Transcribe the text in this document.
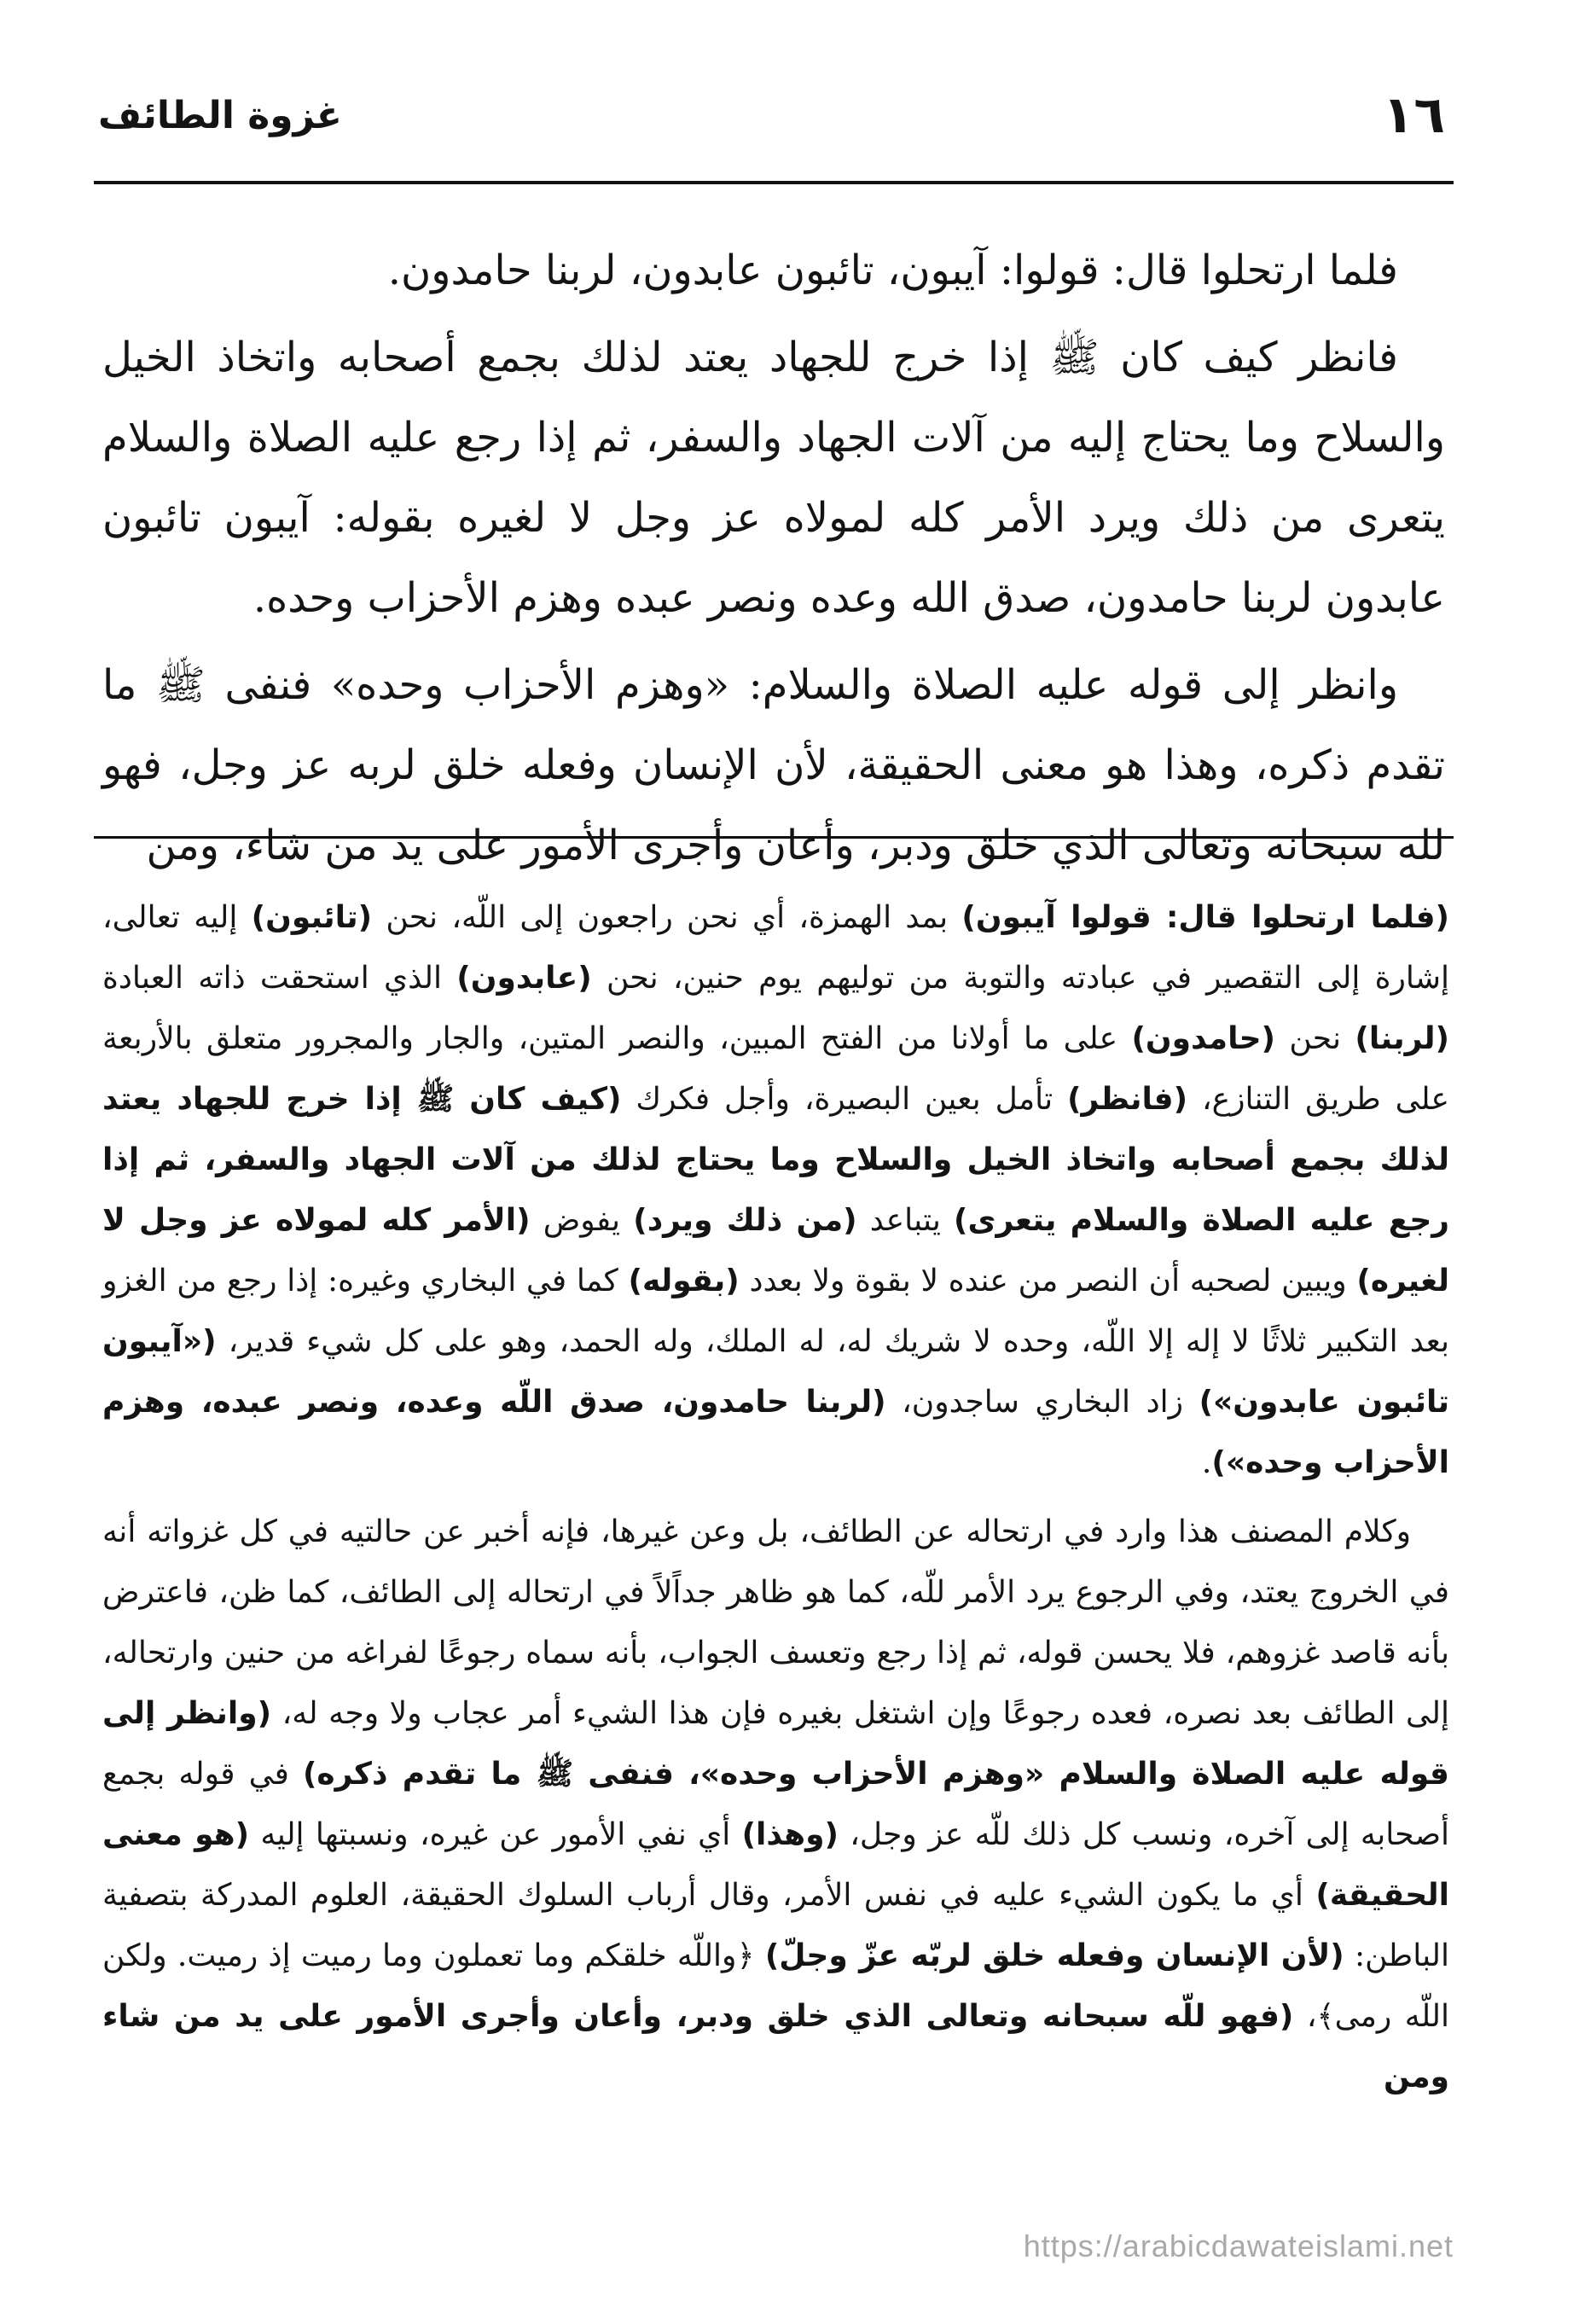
١٦
غزوة الطائف

فلما ارتحلوا قال: قولوا: آيبون، تائبون عابدون، لربنا حامدون.

فانظر كيف كان ﷺ إذا خرج للجهاد يعتد لذلك بجمع أصحابه واتخاذ الخيل والسلاح وما يحتاج إليه من آلات الجهاد والسفر، ثم إذا رجع عليه الصلاة والسلام يتعرى من ذلك ويرد الأمر كله لمولاه عز وجل لا لغيره بقوله: آيبون تائبون عابدون لربنا حامدون، صدق الله وعده ونصر عبده وهزم الأحزاب وحده.

وانظر إلى قوله عليه الصلاة والسلام: «وهزم الأحزاب وحده» فنفى ﷺ ما تقدم ذكره، وهذا هو معنى الحقيقة، لأن الإنسان وفعله خلق لربه عز وجل، فهو لله سبحانه وتعالى الذي خلق ودبر، وأعان وأجرى الأمور على يد من شاء، ومن

(فلما ارتحلوا قال: قولوا آيبون) بمد الهمزة، أي نحن راجعون إلى اللّه، نحن (تائبون) إليه تعالى، إشارة إلى التقصير في عبادته والتوبة من توليهم يوم حنين، نحن (عابدون) الذي استحقت ذاته العبادة (لربنا) نحن (حامدون) على ما أولانا من الفتح المبين، والنصر المتين، والجار والمجرور متعلق بالأربعة على طريق التنازع، (فانظر) تأمل بعين البصيرة، وأجل فكرك (كيف كان ﷺ إذا خرج للجهاد يعتد لذلك بجمع أصحابه واتخاذ الخيل والسلاح وما يحتاج لذلك من آلات الجهاد والسفر، ثم إذا رجع عليه الصلاة والسلام يتعرى) يتباعد (من ذلك ويرد) يفوض (الأمر كله لمولاه عز وجل لا لغيره) ويبين لصحبه أن النصر من عنده لا بقوة ولا بعدد (بقوله) كما في البخاري وغيره: إذا رجع من الغزو بعد التكبير ثلاثًا لا إله إلا اللّه، وحده لا شريك له، له الملك، وله الحمد، وهو على كل شيء قدير، («آيبون تائبون عابدون») زاد البخاري ساجدون، (لربنا حامدون، صدق اللّه وعده، ونصر عبده، وهزم الأحزاب وحده»).

وكلام المصنف هذا وارد في ارتحاله عن الطائف، بل وعن غيرها، فإنه أخبر عن حالتيه في كل غزواته أنه في الخروج يعتد، وفي الرجوع يرد الأمر للّه، كما هو ظاهر جداًلاً في ارتحاله إلى الطائف، كما ظن، فاعترض بأنه قاصد غزوهم، فلا يحسن قوله، ثم إذا رجع وتعسف الجواب، بأنه سماه رجوعًا لفراغه من حنين وارتحاله، إلى الطائف بعد نصره، فعده رجوعًا وإن اشتغل بغيره فإن هذا الشيء أمر عجاب ولا وجه له، (وانظر إلى قوله عليه الصلاة والسلام «وهزم الأحزاب وحده»، فنفى ﷺ ما تقدم ذكره) في قوله بجمع أصحابه إلى آخره، ونسب كل ذلك للّه عز وجل، (وهذا) أي نفي الأمور عن غيره، ونسبتها إليه (هو معنى الحقيقة) أي ما يكون الشيء عليه في نفس الأمر، وقال أرباب السلوك الحقيقة، العلوم المدركة بتصفية الباطن: (لأن الإنسان وفعله خلق لربّه عزّ وجلّ) ﴿واللّه خلقكم وما تعملون وما رميت إذ رميت. ولكن اللّه رمى﴾، (فهو للّه سبحانه وتعالى الذي خلق ودبر، وأعان وأجرى الأمور على يد من شاء ومن

https://arabicdawateislami.net
